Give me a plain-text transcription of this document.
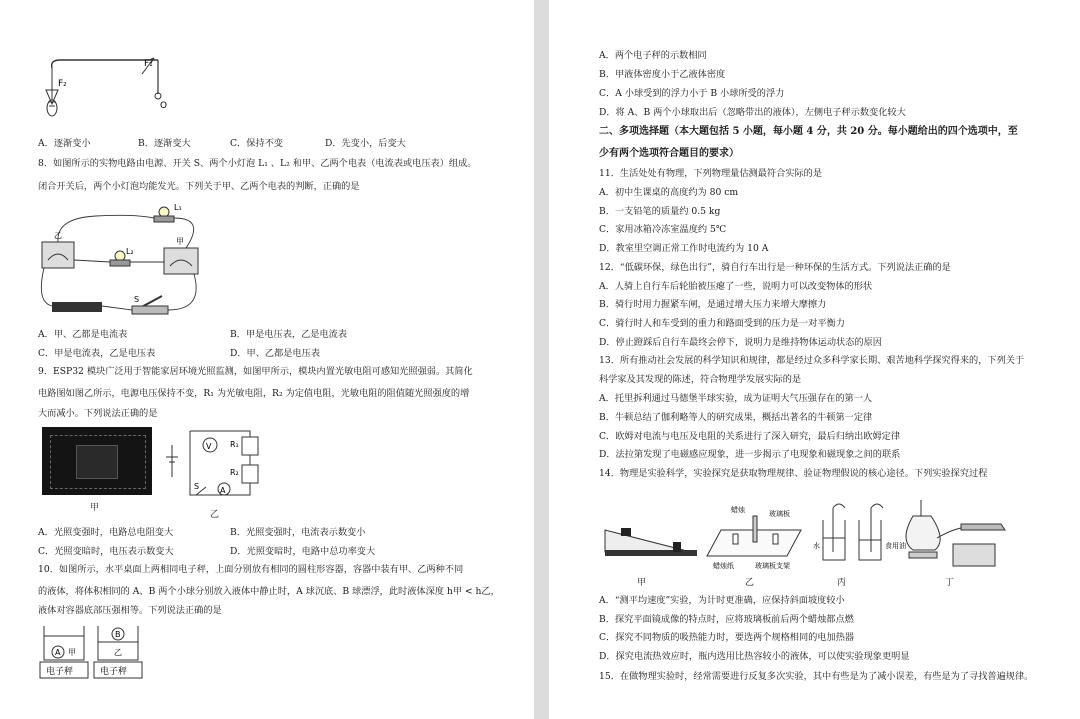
F₁
F₂
O
A．逐渐变小	B．逐渐变大	C．保持不变	D．先变小，后变大
8．如图所示的实物电路由电源、开关 S、两个小灯泡 L₁ 、L₂ 和甲、乙两个电表（电流表或电压表）组成。
闭合开关后，两个小灯泡均能发光。下列关于甲、乙两个电表的判断，正确的是
L₁
L₂
甲
乙
S
A．甲、乙都是电流表	B．甲是电压表，乙是电流表
C．甲是电流表，乙是电压表	D．甲、乙都是电压表
9．ESP32 模块广泛用于智能家居环境光照监测，如图甲所示，模块内置光敏电阻可感知光照强弱。其简化
电路图如图乙所示，电源电压保持不变，R₁ 为光敏电阻，R₂ 为定值电阻，光敏电阻的阻值随光照强度的增
大而减小。下列说法正确的是
甲
V
A
R₁
R₂
S
乙
A．光照变强时，电路总电阻变大	B．光照变强时，电流表示数变小
C．光照变暗时，电压表示数变大	D．光照变暗时，电路中总功率变大
10．如图所示，水平桌面上两相同电子秤，上面分别放有相同的圆柱形容器，容器中装有甲、乙两种不同
的液体，将体积相同的 A、B 两个小球分别放入液体中静止时，A 球沉底、B 球漂浮，此时液体深度 h甲 < h乙，
液体对容器底部压强相等。下列说法正确的是
A 甲
B
乙
电子秤	电子秤
A．两个电子秤的示数相同
B．甲液体密度小于乙液体密度
C．A 小球受到的浮力小于 B 小球所受的浮力
D．将 A、B 两个小球取出后（忽略带出的液体），左侧电子秤示数变化较大
二、多项选择题（本大题包括 5 小题，每小题 4 分，共 20 分。每小题给出的四个选项中，至
少有两个选项符合题目的要求）
11．生活处处有物理，下列物理量估测最符合实际的是
A．初中生课桌的高度约为 80 cm
B．一支铅笔的质量约 0.5 kg
C．家用冰箱冷冻室温度约 5℃
D．教室里空调正常工作时电流约为 10 A
12．“低碳环保，绿色出行”，骑自行车出行是一种环保的生活方式。下列说法正确的是
A．人骑上自行车后轮胎被压瘪了一些，说明力可以改变物体的形状
B．骑行时用力握紧车闸，是通过增大压力来增大摩擦力
C．骑行时人和车受到的重力和路面受到的压力是一对平衡力
D．停止蹬踩后自行车最终会停下，说明力是维持物体运动状态的原因
13．所有推动社会发展的科学知识和规律，都是经过众多科学家长期、艰苦地科学探究得来的，下列关于
科学家及其发现的陈述，符合物理学发展实际的是
A．托里拆利通过马德堡半球实验，成为证明大气压强存在的第一人
B．牛顿总结了伽利略等人的研究成果，概括出著名的牛顿第一定律
C．欧姆对电流与电压及电阻的关系进行了深入研究，最后归纳出欧姆定律
D．法拉第发现了电磁感应现象，进一步揭示了电现象和磁现象之间的联系
14．物理是实验科学，实验探究是获取物理规律、验证物理假说的核心途径。下列实验探究过程
蜡烛	玻璃板
蜡烛纸	玻璃板支架
水	食用油
甲	乙	丙	丁
A．“测平均速度”实验，为计时更准确，应保持斜面坡度较小
B．探究平面镜成像的特点时，应将玻璃板前后两个蜡烛都点燃
C．探究不同物质的吸热能力时，要选两个规格相同的电加热器
D．探究电流热效应时，瓶内选用比热容较小的液体，可以使实验现象更明显
15．在做物理实验时，经常需要进行反复多次实验，其中有些是为了减小误差，有些是为了寻找普遍规律。
